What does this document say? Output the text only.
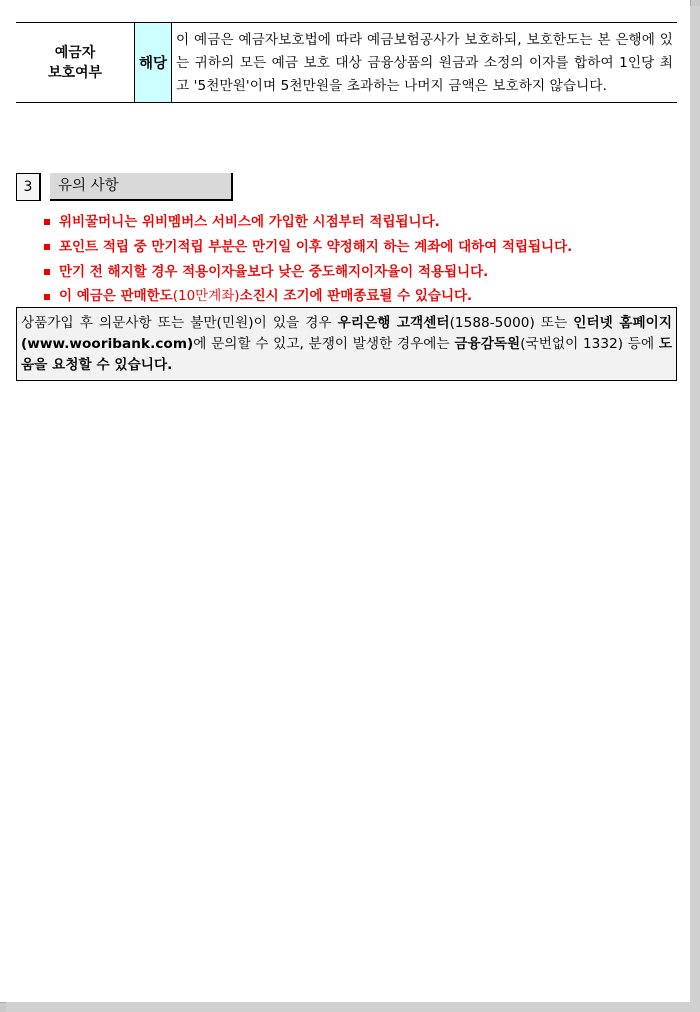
예금자
보호여부
	해당	이 예금은 예금자보호법에 따라 예금보험공사가 보호하되, 보호한도는 본 은행에 있는 귀하의 모든 예금 보호 대상 금융상품의 원금과 소정의 이자를 합하여 1인당 최고 '5천만원'이며 5천만원을 초과하는 나머지 금액은 보호하지 않습니다.
3	유의 사항
위비꿀머니는 위비멤버스 서비스에 가입한 시점부터 적립됩니다.
포인트 적립 중 만기적립 부분은 만기일 이후 약정해지 하는 계좌에 대하여 적립됩니다.
만기 전 해지할 경우 적용이자율보다 낮은 중도해지이자율이 적용됩니다.
이 예금은 판매한도 (10만계좌) 소진시 조기에 판매종료될 수 있습니다.
상품가입 후 의문사항 또는 불만(민원)이 있을 경우 우리은행 고객센터(1588-5000) 또는 인터넷 홈페이지(www.wooribank.com)에 문의할 수 있고, 분쟁이 발생한 경우에는 금융감독원(국번없이 1332) 등에 도움을 요청할 수 있습니다.
